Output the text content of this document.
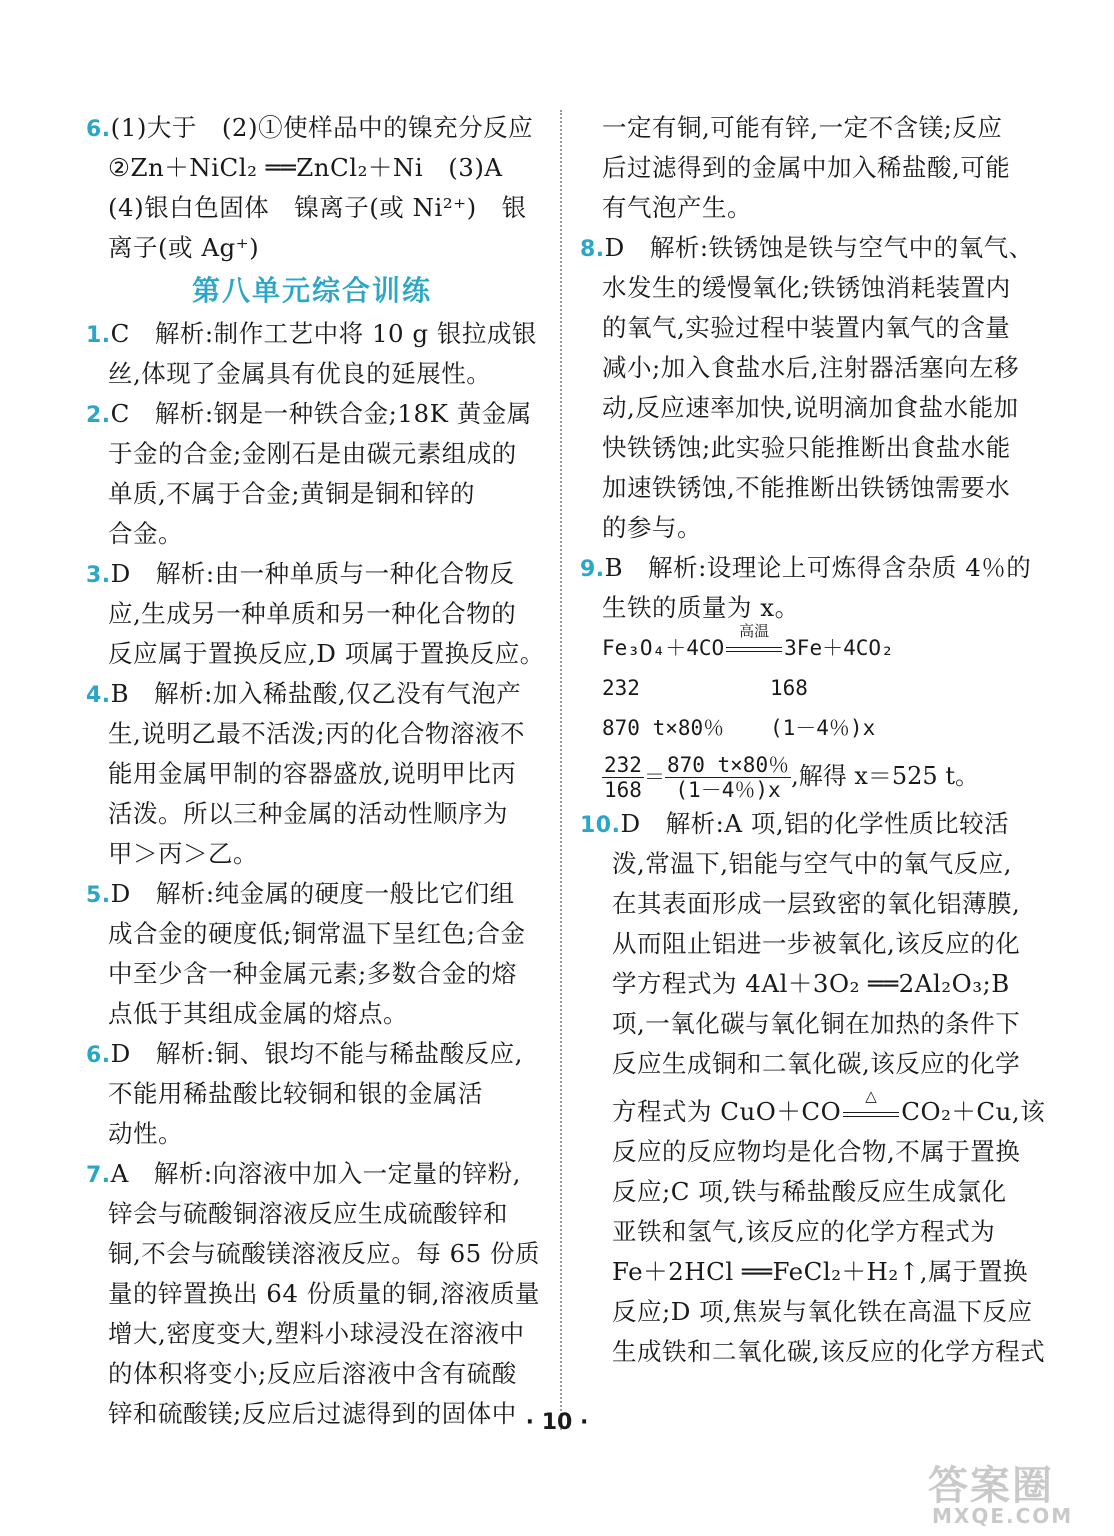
6.(1)大于　(2)①使样品中的镍充分反应
②Zn＋NiCl₂ ══ZnCl₂＋Ni　(3)A
(4)银白色固体　镍离子(或 Ni²⁺)　银
离子(或 Ag⁺)
第八单元综合训练
1.C　解析:制作工艺中将 10 g 银拉成银
丝,体现了金属具有优良的延展性。
2.C　解析:钢是一种铁合金;18K 黄金属
于金的合金;金刚石是由碳元素组成的
单质,不属于合金;黄铜是铜和锌的
合金。
3.D　解析:由一种单质与一种化合物反
应,生成另一种单质和另一种化合物的
反应属于置换反应,D 项属于置换反应。
4.B　解析:加入稀盐酸,仅乙没有气泡产
生,说明乙最不活泼;丙的化合物溶液不
能用金属甲制的容器盛放,说明甲比丙
活泼。所以三种金属的活动性顺序为
甲＞丙＞乙。
5.D　解析:纯金属的硬度一般比它们组
成合金的硬度低;铜常温下呈红色;合金
中至少含一种金属元素;多数合金的熔
点低于其组成金属的熔点。
6.D　解析:铜、银均不能与稀盐酸反应,
不能用稀盐酸比较铜和银的金属活
动性。
7.A　解析:向溶液中加入一定量的锌粉,
锌会与硫酸铜溶液反应生成硫酸锌和
铜,不会与硫酸镁溶液反应。每 65 份质
量的锌置换出 64 份质量的铜,溶液质量
增大,密度变大,塑料小球浸没在溶液中
的体积将变小;反应后溶液中含有硫酸
锌和硫酸镁;反应后过滤得到的固体中
一定有铜,可能有锌,一定不含镁;反应
后过滤得到的金属中加入稀盐酸,可能
有气泡产生。
8.D　解析:铁锈蚀是铁与空气中的氧气、
水发生的缓慢氧化;铁锈蚀消耗装置内
的氧气,实验过程中装置内氧气的含量
减小;加入食盐水后,注射器活塞向左移
动,反应速率加快,说明滴加食盐水能加
快铁锈蚀;此实验只能推断出食盐水能
加速铁锈蚀,不能推断出铁锈蚀需要水
的参与。
9.B　解析:设理论上可炼得含杂质 4％的
生铁的质量为 x。
Fe₃O₄＋4CO
高温
3Fe＋4CO₂
232	168
870 t×80％ (1－4％)x
$\frac{232}{168} = \frac{870 t\times 80\%}{(1-4\%)x}$ ,解得 x＝525 t。
10.D　解析:A 项,铝的化学性质比较活
泼,常温下,铝能与空气中的氧气反应,
在其表面形成一层致密的氧化铝薄膜,
从而阻止铝进一步被氧化,该反应的化
学方程式为 4Al＋3O₂ ══2Al₂O₃;B
项,一氧化碳与氧化铜在加热的条件下
反应生成铜和二氧化碳,该反应的化学
方程式为 CuO＋CO
△
CO₂＋Cu,该
反应的反应物均是化合物,不属于置换
反应;C 项,铁与稀盐酸反应生成氯化
亚铁和氢气,该反应的化学方程式为
Fe＋2HCl ══FeCl₂＋H₂↑,属于置换
反应;D 项,焦炭与氧化铁在高温下反应
生成铁和二氧化碳,该反应的化学方程式
· 10 ·
答案圈
MXQE.COM
